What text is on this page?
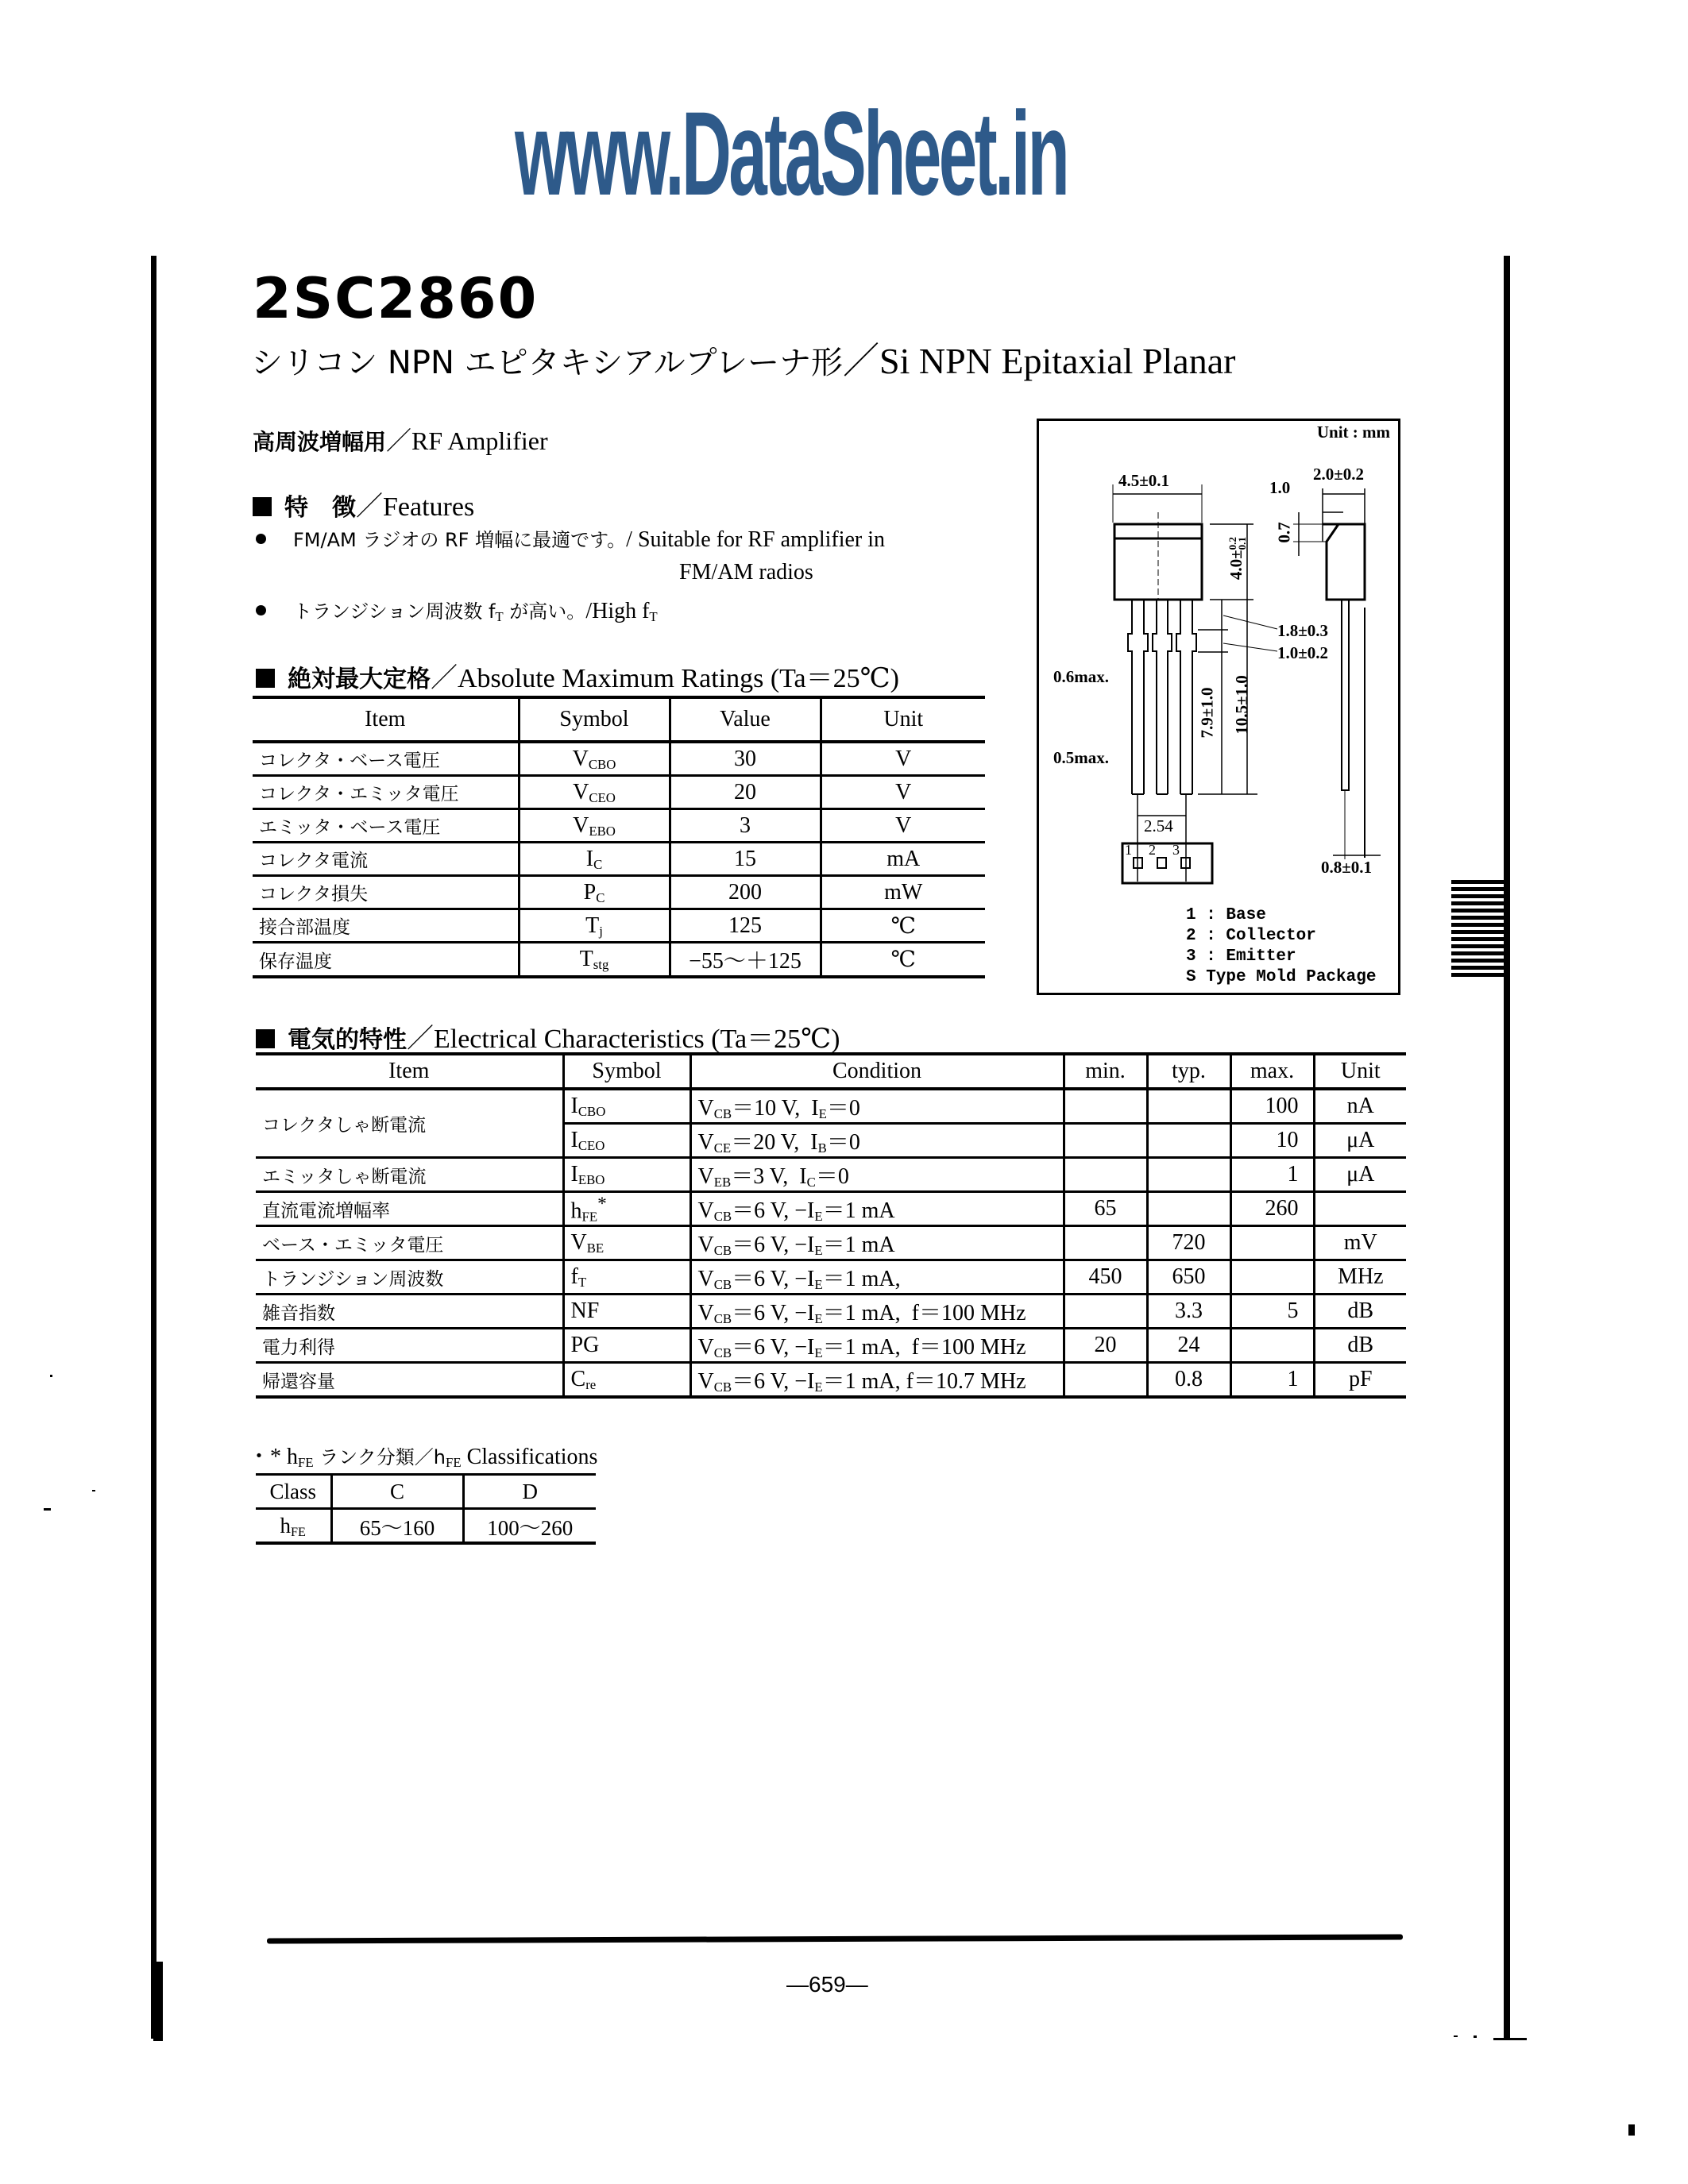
www.DataSheet.in
2SC2860
シリコン NPN エピタキシアルプレーナ形／Si NPN Epitaxial Planar
高周波増幅用／RF Amplifier
特　徴／Features
FM/AM ラジオの RF 増幅に最適です。/ Suitable for RF amplifier in
FM/AM radios
トランジション周波数 $f_T$ が高い。/High $f_T$
絶対最大定格／Absolute Maximum Ratings (Ta＝25℃)
Item	Symbol	Value	Unit
コレクタ・ベース電圧	$V_{CBO}$	30	V
コレクタ・エミッタ電圧	$V_{CEO}$	20	V
エミッタ・ベース電圧	$V_{EBO}$	3	V
コレクタ電流	$I_C$	15	mA
コレクタ損失	$P_C$	200	mW
接合部温度	$T_j$	125	℃
保存温度	$T_{stg}$	−55～＋125	℃
Unit : mm
4.5±0.1	2.0±0.2
1.0
0.7
4.0±0.2
0.1
1.8±0.3
1.0±0.2
0.6max.
0.5max.
7.9±1.0 10.5±1.0
2.54
0.8±0.1
1 2 3
1 : Base
2 : Collector
3 : Emitter
S Type Mold Package
電気的特性／Electrical Characteristics (Ta＝25℃)
Item	Symbol	Condition	min.	typ.	max.	Unit
コレクタしゃ断電流	$I_{CBO}$	$V_{CB}=10$ V,  $I_E=0$			100	nA
	$I_{CEO}$	$V_{CE}=20$ V,  $I_B=0$			10	μA
エミッタしゃ断電流	$I_{EBO}$	$V_{EB}=3$ V,  $I_C=0$			1	μA
直流電流増幅率	$h_{FE}^*$	$V_{CB}=6$ V, $-I_E=1$ mA	65		260	
ベース・エミッタ電圧	$V_{BE}$	$V_{CB}=6$ V, $-I_E=1$ mA		720		mV
トランジション周波数	$f_T$	$V_{CB}=6$ V, $-I_E=1$ mA,	450	650		MHz
雑音指数	NF	$V_{CB}=6$ V, $-I_E=1$ mA,  f＝100 MHz		3.3	5	dB
電力利得	PG	$V_{CB}=6$ V, $-I_E=1$ mA,  f＝100 MHz	20	24		dB
帰還容量	$C_{re}$	$V_{CB}=6$ V, $-I_E=1$ mA, f＝10.7 MHz		0.8	1	pF
・* $h_{FE}$ ランク分類$/h_{FE}$ Classifications
Class	C	D
$h_{FE}$	65～160	100～260
—659—
